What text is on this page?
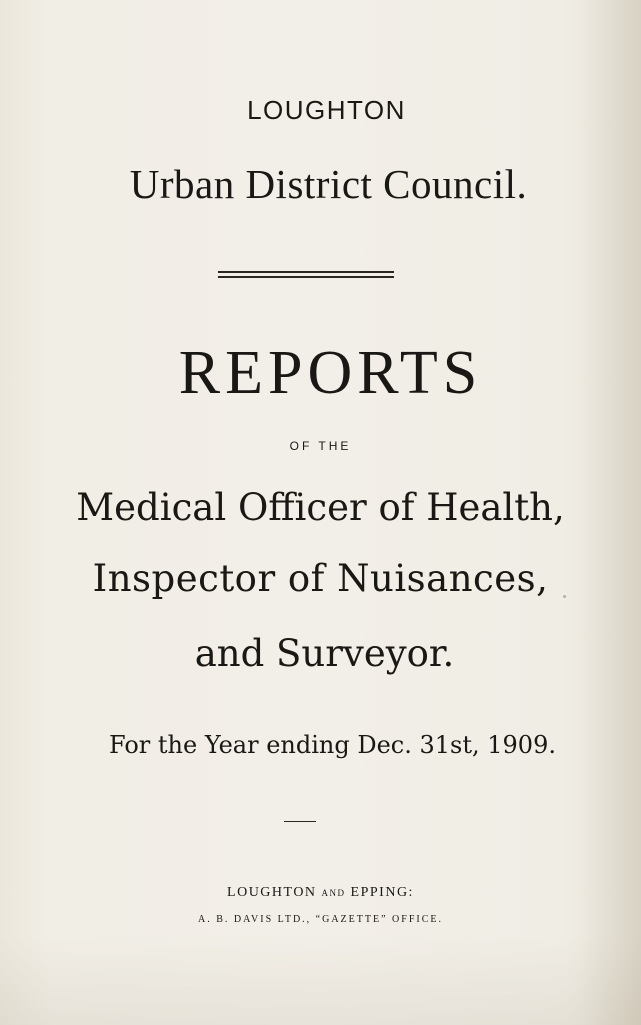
LOUGHTON
Urban District Council.
REPORTS
OF THE
Medical Officer of Health,
Inspector of Nuisances,
and Surveyor.
For the Year ending Dec. 31st, 1909.
LOUGHTON AND EPPING:
A. B. DAVIS LTD., “GAZETTE” OFFICE.
